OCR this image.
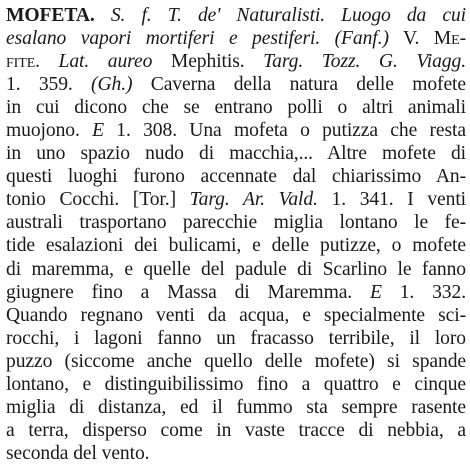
MOFETA. S. f. T. de' Naturalisti. Luogo da cui
esalano vapori mortiferi e pestiferi. (Fanf.) V. Me-
fite. Lat. aureo Mephitis. Targ. Tozz. G. Viagg.
1. 359. (Gh.) Caverna della natura delle mofete
in cui dicono che se entrano polli o altri animali
muojono. E 1. 308. Una mofeta o putizza che resta
in uno spazio nudo di macchia,... Altre mofete di
questi luoghi furono accennate dal chiarissimo An-
tonio Cocchi. [Tor.] Targ. Ar. Vald. 1. 341. I venti
australi trasportano parecchie miglia lontano le fe-
tide esalazioni dei bulicami, e delle putizze, o mofete
di maremma, e quelle del padule di Scarlino le fanno
giugnere fino a Massa di Maremma. E 1. 332.
Quando regnano venti da acqua, e specialmente sci-
rocchi, i lagoni fanno un fracasso terribile, il loro
puzzo (siccome anche quello delle mofete) si spande
lontano, e distinguibilissimo fino a quattro e cinque
miglia di distanza, ed il fummo sta sempre rasente
a terra, disperso come in vaste tracce di nebbia, a
seconda del vento.
